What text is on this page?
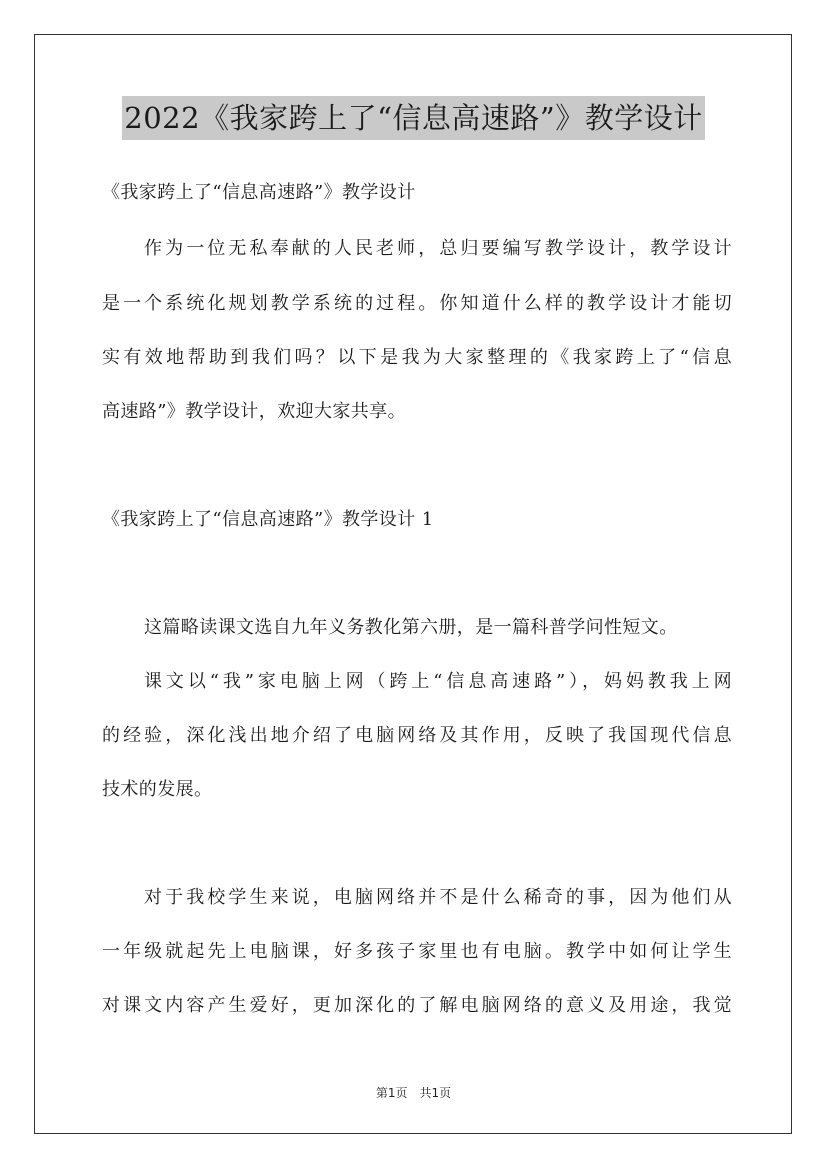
2022《我家跨上了“信息高速路”》教学设计
《我家跨上了“信息高速路”》教学设计
作为一位无私奉献的人民老师，总归要编写教学设计，教学设计
是一个系统化规划教学系统的过程。你知道什么样的教学设计才能切
实有效地帮助到我们吗？以下是我为大家整理的《我家跨上了“信息
高速路”》教学设计，欢迎大家共享。
《我家跨上了“信息高速路”》教学设计 1
这篇略读课文选自九年义务教化第六册，是一篇科普学问性短文。
课文以“我”家电脑上网（跨上“信息高速路”），妈妈教我上网
的经验，深化浅出地介绍了电脑网络及其作用，反映了我国现代信息
技术的发展。
对于我校学生来说，电脑网络并不是什么稀奇的事，因为他们从
一年级就起先上电脑课，好多孩子家里也有电脑。教学中如何让学生
对课文内容产生爱好，更加深化的了解电脑网络的意义及用途，我觉
第1页　共1页
